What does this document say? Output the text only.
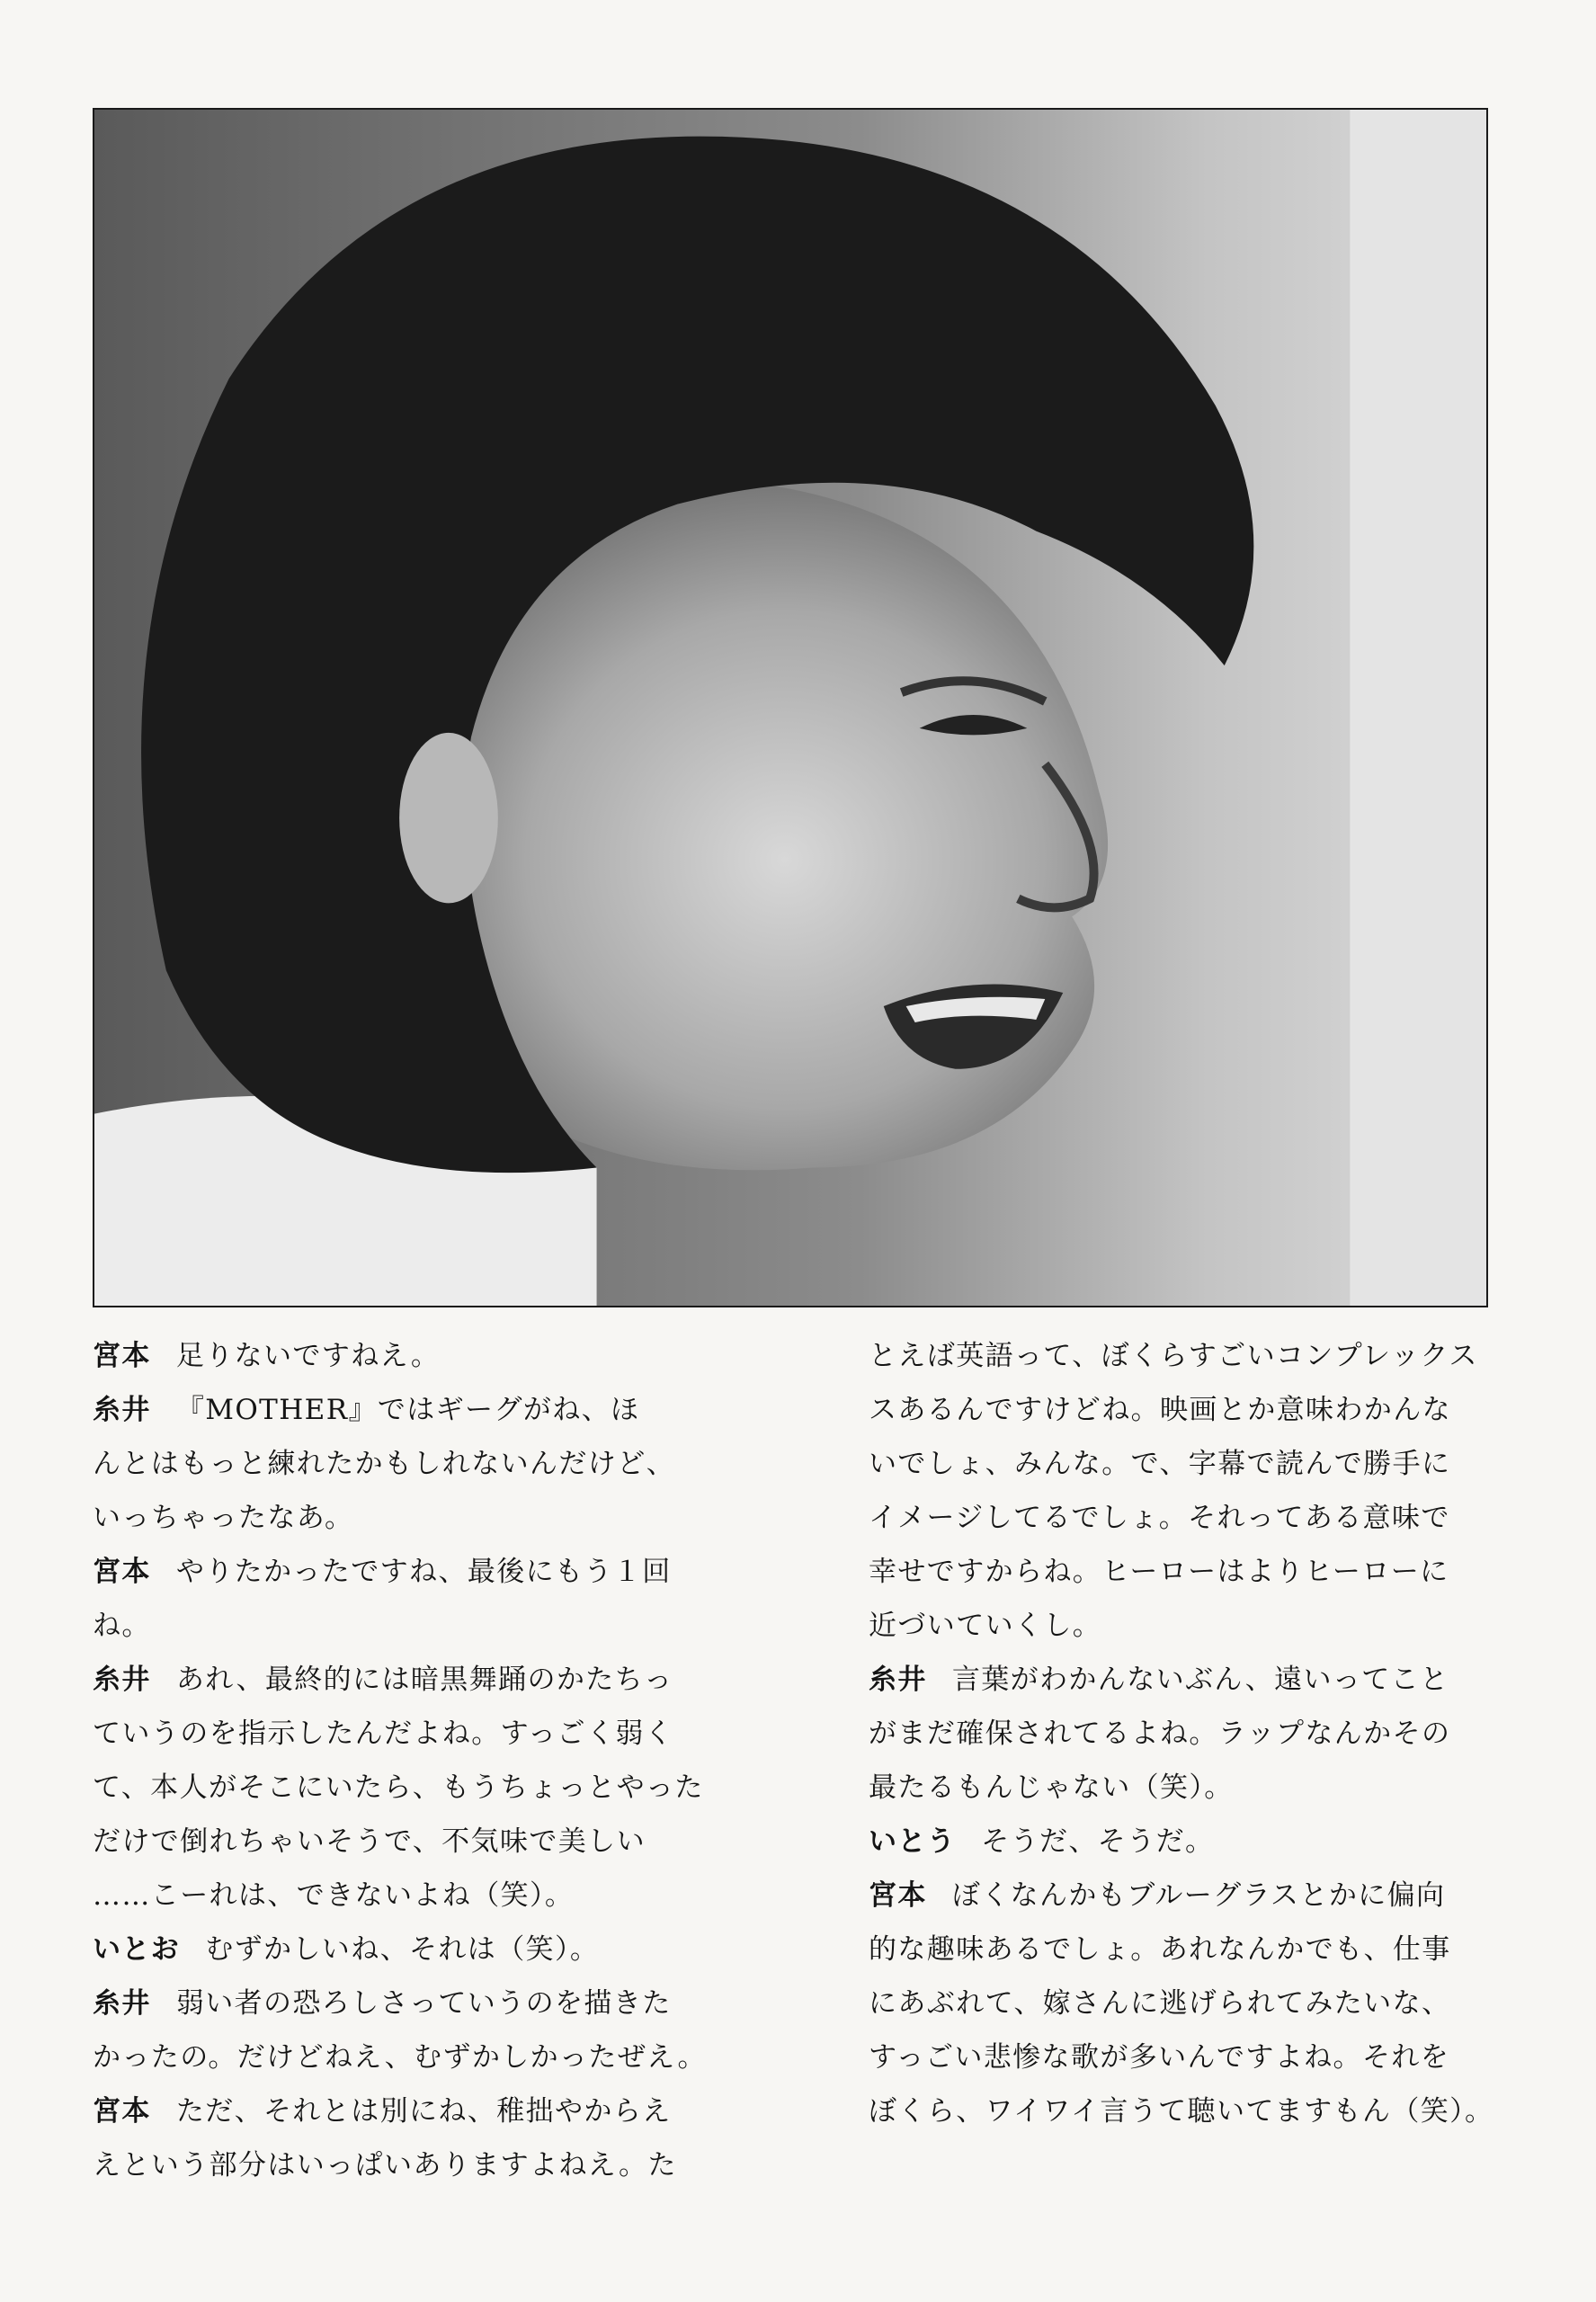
宮本 足りないですねえ。
糸井 『MOTHER』ではギーグがね、ほ
んとはもっと練れたかもしれないんだけど、
いっちゃったなあ。
宮本 やりたかったですね、最後にもう１回
ね。
糸井 あれ、最終的には暗黒舞踊のかたちっ
ていうのを指示したんだよね。すっごく弱く
て、本人がそこにいたら、もうちょっとやった
だけで倒れちゃいそうで、不気味で美しい
……こーれは、できないよね（笑）。
いとお むずかしいね、それは（笑）。
糸井 弱い者の恐ろしさっていうのを描きた
かったの。だけどねえ、むずかしかったぜえ。
宮本 ただ、それとは別にね、稚拙やからえ
えという部分はいっぱいありますよねえ。た
とえば英語って、ぼくらすごいコンプレックス
スあるんですけどね。映画とか意味わかんな
いでしょ、みんな。で、字幕で読んで勝手に
イメージしてるでしょ。それってある意味で
幸せですからね。ヒーローはよりヒーローに
近づいていくし。
糸井 言葉がわかんないぶん、遠いってこと
がまだ確保されてるよね。ラップなんかその
最たるもんじゃない（笑）。
いとう そうだ、そうだ。
宮本 ぼくなんかもブルーグラスとかに偏向
的な趣味あるでしょ。あれなんかでも、仕事
にあぶれて、嫁さんに逃げられてみたいな、
すっごい悲惨な歌が多いんですよね。それを
ぼくら、ワイワイ言うて聴いてますもん（笑）。
